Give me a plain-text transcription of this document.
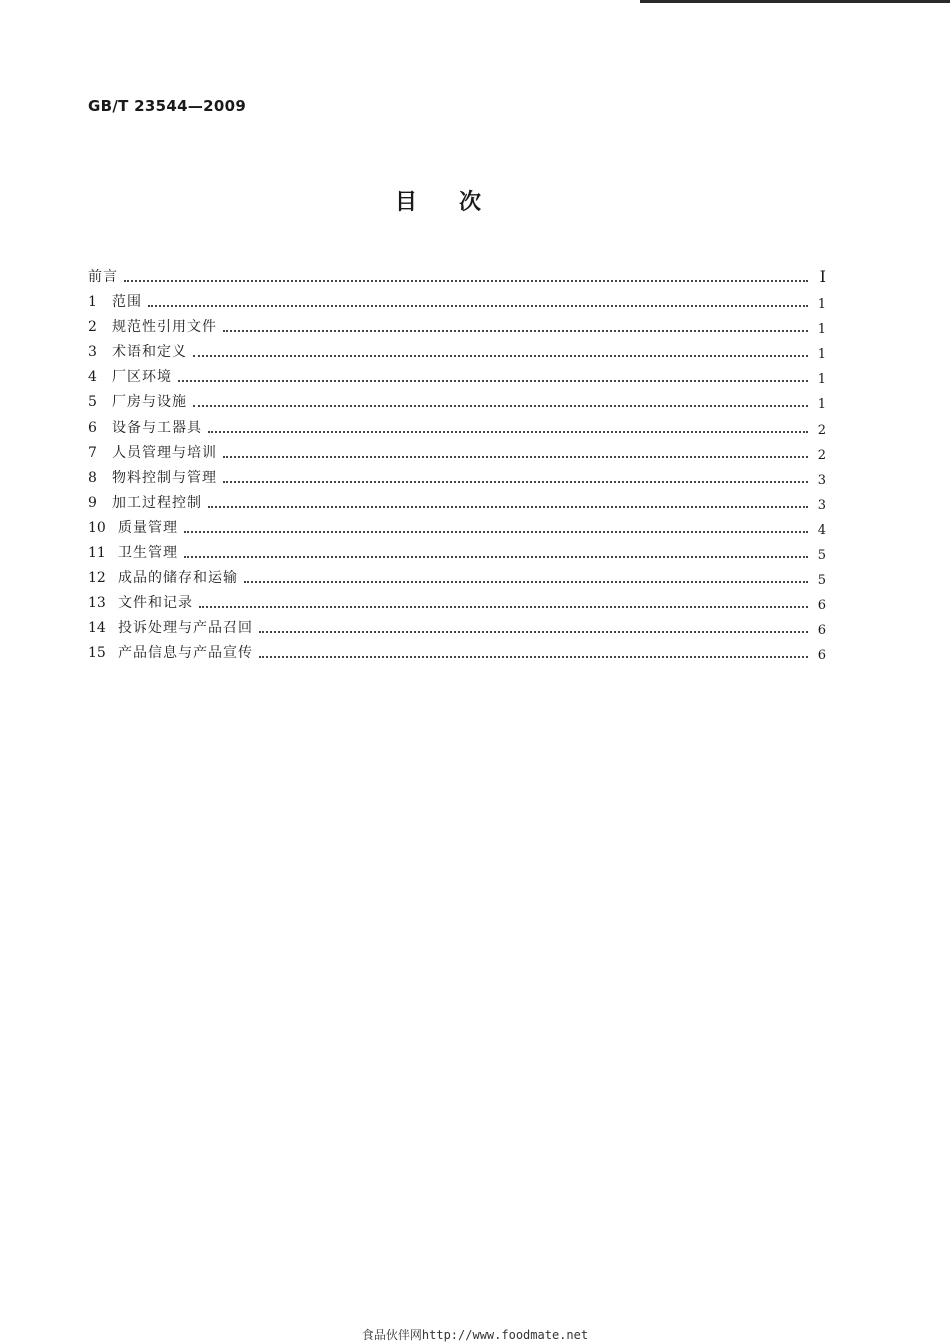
GB/T 23544—2009
目次
前言	Ⅰ
1	范围	1
2	规范性引用文件	1
3	术语和定义	1
4	厂区环境	1
5	厂房与设施	1
6	设备与工器具	2
7	人员管理与培训	2
8	物料控制与管理	3
9	加工过程控制	3
10 质量管理	4
11 卫生管理	5
12 成品的储存和运输	5
13 文件和记录	6
14 投诉处理与产品召回	6
15 产品信息与产品宣传	6
食品伙伴网http://www.foodmate.net
